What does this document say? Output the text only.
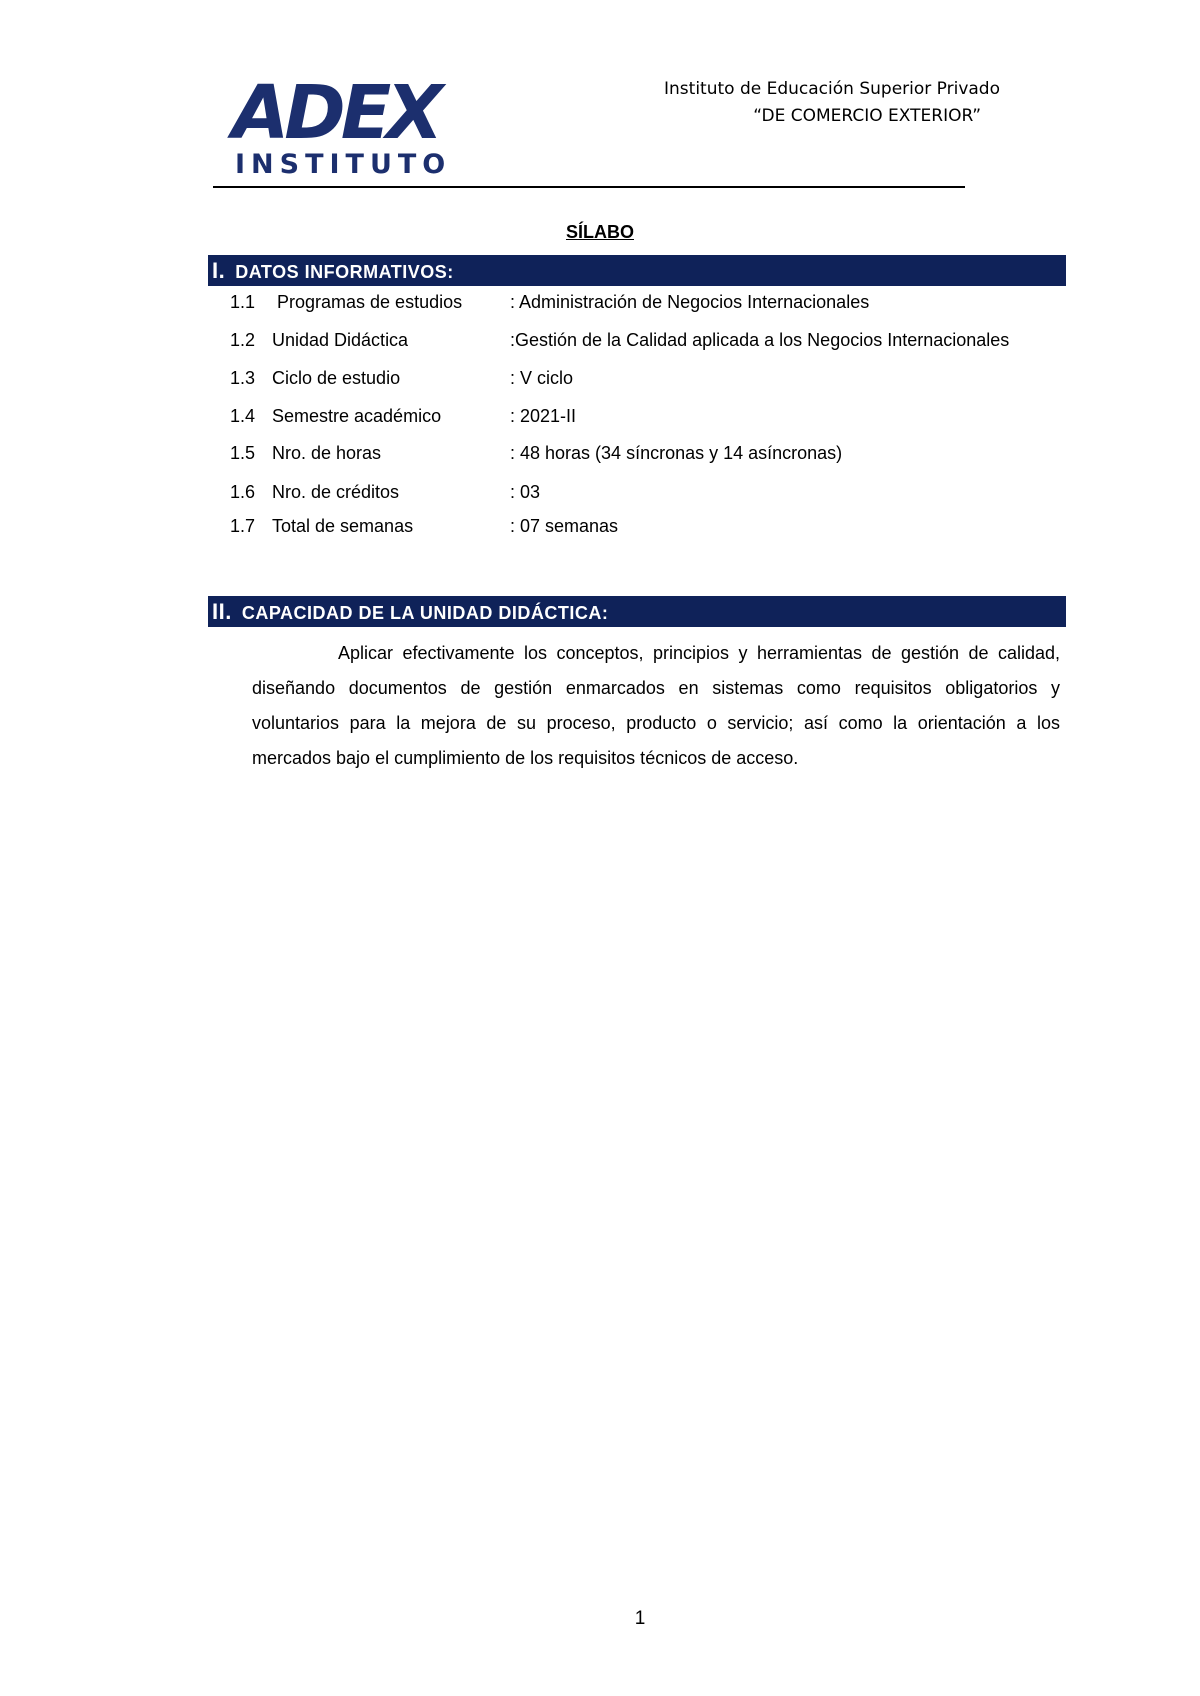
ADEX
INSTITUTO
Instituto de Educación Superior Privado
“DE COMERCIO EXTERIOR”
SÍLABO
I. DATOS INFORMATIVOS:
1.1 Programas de estudios	: Administración de Negocios Internacionales
1.2 Unidad Didáctica	:Gestión de la Calidad aplicada a los Negocios Internacionales
1.3 Ciclo de estudio	: V ciclo
1.4 Semestre académico	: 2021-II
1.5 Nro. de horas	: 48 horas (34 síncronas y 14 asíncronas)
1.6 Nro. de créditos	: 03
1.7 Total de semanas	: 07 semanas
II. CAPACIDAD DE LA UNIDAD DIDÁCTICA:

Aplicar efectivamente los conceptos, principios y herramientas de gestión de calidad, diseñando documentos de gestión enmarcados en sistemas como requisitos obligatorios y voluntarios para la mejora de su proceso, producto o servicio; así como la orientación a los mercados bajo el cumplimiento de los requisitos técnicos de acceso.

1
